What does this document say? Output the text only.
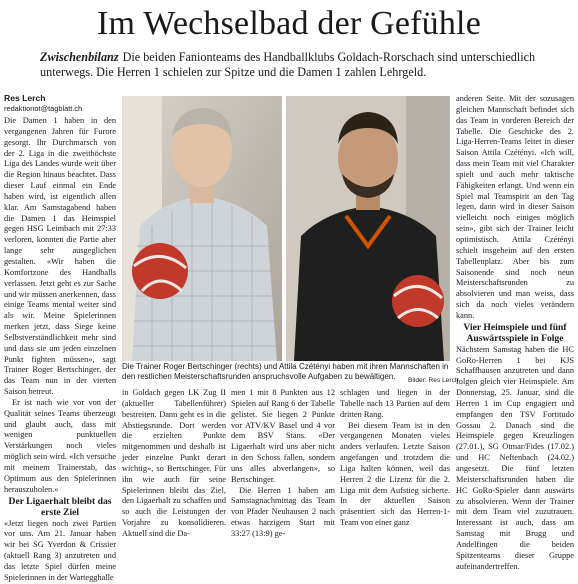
Im Wechselbad der Gefühle
Zwischenbilanz Die beiden Fanionteams des Handballklubs Goldach-Rorschach sind unterschiedlich unterwegs. Die Herren 1 schielen zur Spitze und die Damen 1 zahlen Lehrgeld.
Res Lerch
redaktionot@tagblatt.ch

Die Damen 1 haben in den vergangenen Jahren für Furore gesorgt. Ihr Durchmarsch von der 2. Liga in die zweithöchste Liga des Landes wurde weit über die Region hinaus beachtet. Dass dieser Lauf einmal ein Ende haben wird, ist eigentlich allen klar. Am Samstagabend haben die Damen 1 das Heimspiel gegen HSG Leimbach mit 27:33 verloren, konnten die Partie aber lange sehr ausgeglichen gestalten. «Wir haben die Komfortzone des Handballs verlassen. Jetzt geht es zur Sache und wir müssen anerkennen, dass einige Teams mental weiter sind als wir. Meine Spielerinnen merken jetzt, dass Siege keine Selbstverständlichkeit mehr sind und dass sie um jeden einzelnen Punkt fighten müssen», sagt Trainer Roger Bertschinger, der das Team nun in der vierten Saison betreut.

Er ist nach wie vor von der Qualität seines Teams überzeugt und glaubt auch, dass mit wenigen punktuellen Verstärkungen noch vieles möglich sein wird. «Ich versuche mit meinem Trainerstab, das Optimum aus den Spielerinnen herauszuholen.»

Der Ligaerhalt bleibt das erste Ziel

«Jetzt liegen noch zwei Partien vor uns. Am 21. Januar haben wir bei SG Yverdon & Crissier (aktuell Rang 3) anzutreten und das letzte Spiel dürfen meine Spielerinnen in der Wartegghalle

Die Trainer Roger Bertschinger (rechts) und Attila Czétényi haben mit ihren Mannschaften in den restlichen Meisterschaftsrunden anspruchsvolle Aufgaben zu bewältigen.	Bilder: Res Lerch

anderen Seite. Mit der sozusagen gleichen Mannschaft befindet sich das Team in vorderen Bereich der Tabelle. Die Geschicke des 2. Liga-Herren-Teams leitet in dieser Saison Attila Czétényi. «Ich will, dass mein Team mit viel Charakter spielt und auch mehr taktische Fähigkeiten erlangt. Und wenn ein Spiel mal Teamspirit an den Tag legen, dann wird in dieser Saison vielleicht noch einiges möglich sein», gibt sich der Trainer leicht optimistisch. Attila Czétényi schielt insgeheim auf den ersten Tabellenplatz. Aber bis zum Saisonende sind noch neun Meisterschaftsrunden zu absolvieren und man weiss, dass sich da noch vieles verändern kann.

Vier Heimspiele und fünf Auswärtsspiele in Folge

Nächstem Samstag haben die HC GoRo-Herren 1 bei KJS Schaffhausen anzutreten und dann folgen gleich vier Heimspiele. Am Donnerstag, 25. Januar, sind die Herren 1 im Cup engagiert und empfangen den TSV Fortitudo Gossau 2. Danach sind die Heimspiele gegen Kreuzlingen (27.01.), SG Otmar/Fides (17.02.) und HC Neftenbach (24.02.) angesetzt. Die fünf letzten Meisterschaftsrunden haben die HC GoRo-Spieler dann auswärts zu absolvieren. Wenn der Trainer mit dem Team viel zuzutrauen. Interessant ist auch, dass am Samstag mit Brugg und Andelfingen die beiden Spitzenteams dieser Gruppe aufeinandertreffen.

in Goldach gegen LK Zug II (aktueller Tabellenführer) bestreiten. Dann geht es in die Abstiegsrunde. Dort werden die erzielten Punkte mitgenommen und deshalb ist jeder einzelne Punkt derart wichtig», so Bertschinger. Für ihn wie auch für seine Spielerinnen bleibt das Ziel, den Ligaerhalt zu schaffen und so auch die Leistungen der Vorjahre zu konsolidieren. Aktuell sind die Da-

men 1 mit 8 Punkten aus 12 Spielen auf Rang 6 der Tabelle gelistet. Sie liegen 2 Punkte vor ATV/KV Basel und 4 vor dem BSV Stans. «Der Ligaerhalt wird uns aber nicht in den Schoss fallen, sondern uns alles abverlangen», so Bertschinger.

Die Herren 1 haben am Samstagnachmittag das Team von Pfader Neuhausen 2 nach etwas harzigem Start mit 33:27 (13:9) ge-

schlagen und liegen in der Tabelle nach 13 Partien auf dem dritten Rang.

Bei diesem Team ist in den vergangenen Monaten vieles anders verlaufen. Letzte Saison angefangen und trotzdem die Liga halten können, weil das Herren 2 die Lizenz für die 2. Liga mit dem Aufstieg sicherte. In der aktuellen Saison präsentiert sich das Herren-1-Team von einer ganz
